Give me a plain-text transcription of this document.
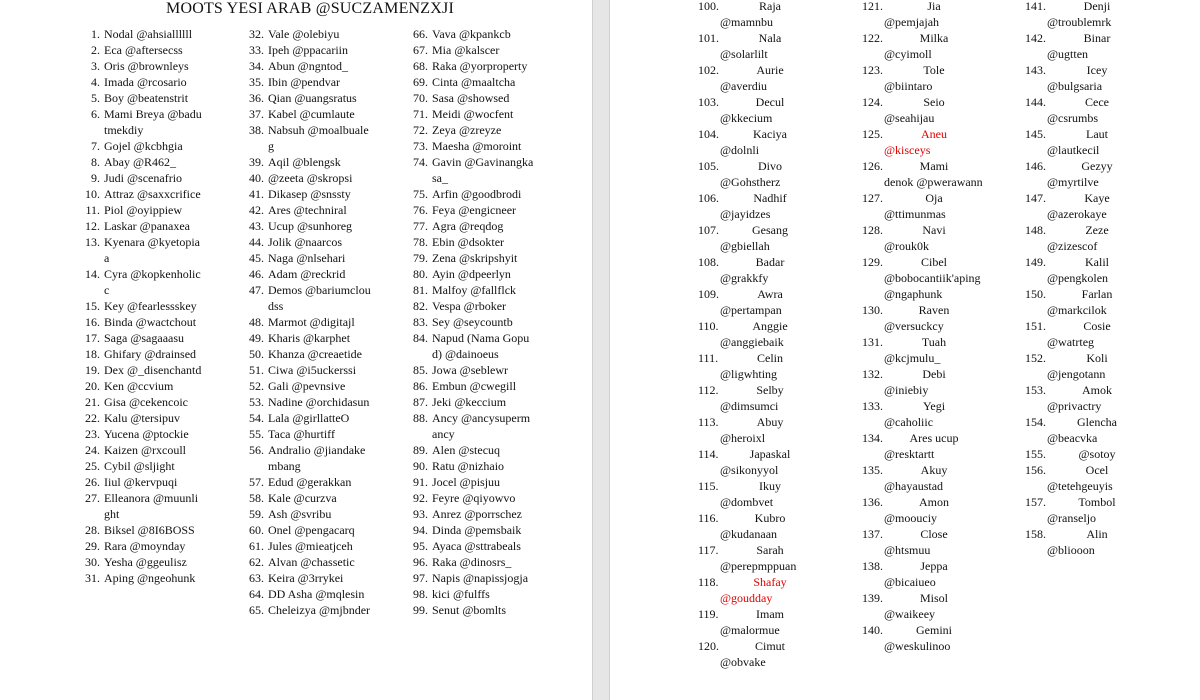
MOOTS YESI ARAB @SUCZAMENZXJI
1. Nodal @ahsiallllll
2. Eca @aftersecss
3. Oris @brownleys
4. Imada @rcosario
5. Boy @beatenstrit
6. Mami Breya @badutmekdiy
7. Gojel @kcbhgia
8. Abay @R462_
9. Judi @scenafrio
10. Attraz @saxxcrifice
11. Piol @oyippiew
12. Laskar @panaxea
13. Kyenara @kyetopiaa
14. Cyra @kopkenholicc
15. Key @fearlessskey
16. Binda @wactchout
17. Saga @sagaaasu
18. Ghifary @drainsed
19. Dex @_disenchantd
20. Ken @ccvium
21. Gisa @cekencoic
22. Kalu @tersipuv
23. Yucena @ptockie
24. Kaizen @rxcoull
25. Cybil @sljight
26. Iiul @kervpuqi
27. Elleanora @muunlight
28. Biksel @8I6BOSS
29. Rara @moynday
30. Yesha @ggeulisz
31. Aping @ngeohunk
32. Vale @olebiyu
33. Ipeh @ppacariin
34. Abun @ngntod_
35. Ibin @pendvar
36. Qian @uangsratus
37. Kabel @cumlaute
38. Nabsuh @moalbualeg
39. Aqil @blengsk
40. @zeeta @skropsi
41. Dikasep @snssty
42. Ares @techniral
43. Ucup @sunhoreg
44. Jolik @naarcos
45. Naga @nlsehari
46. Adam @reckrid
47. Demos @bariumcloudss
48. Marmot @digitajl
49. Kharis @karphet
50. Khanza @creaetide
51. Ciwa @i5uckerssi
52. Gali @pevnsive
53. Nadine @orchidasun
54. Lala @girllatteO
55. Taca @hurtiff
56. Andralio @jiandakembang
57. Edud @gerakkan
58. Kale @curzva
59. Ash @svribu
60. Onel @pengacarq
61. Jules @mieatjceh
62. Alvan @chassetic
63. Keira @3rrykei
64. DD Asha @mqlesin
65. Cheleizya @mjbnder
66. Vava @kpankcb
67. Mia @kalscer
68. Raka @yorproperty
69. Cinta @maaltcha
70. Sasa @showsed
71. Meidi @wocfent
72. Zeya @zreyze
73. Maesha @moroint
74. Gavin @Gavinangkasa_
75. Arfin @goodbrodi
76. Feya @engicneer
77. Agra @reqdog
78. Ebin @dsokter
79. Zena @skripshyit
80. Ayin @dpeerlyn
81. Malfoy @fallflck
82. Vespa @rboker
83. Sey @seycountb
84. Napud (Nama Gopud) @dainoeus
85. Jowa @seblewr
86. Embun @cwegill
87. Jeki @keccium
88. Ancy @ancysupermancy
89. Alen @stecuq
90. Ratu @nizhaio
91. Jocel @pisjuu
92. Feyre @qiyowvo
93. Anrez @porrschez
94. Dinda @pemsbaik
95. Ayaca @sttrabeals
96. Raka @dinosrs_
97. Napis @napissjogja
98. kici @fulffs
99. Senut @bomlts
100.	Raja
@mamnbu
101.	Nala
@solarlilt
102.	Aurie
@averdiu
103.	Decul
@kkecium
104.	Kaciya
@dolnli
105.	Divo
@Gohstherz
106.	Nadhif
@jayidzes
107.	Gesang
@gbiellah
108.	Badar
@grakkfy
109.	Awra
@pertampan
110.	Anggie
@anggiebaik
111.	Celin
@ligwhting
112.	Selby
@dimsumci
113.	Abuy
@heroixl
114.	Japaskal
@sikonyyol
115.	Ikuy
@dombvet
116.	Kubro
@kudanaan
117.	Sarah
@perepmppuan
118.	Shafay
@goudday
119.	Imam
@malormue
120.	Cimut
@obvake
121.	Jia
@pemjajah
122.	Milka
@cyimoll
123.	Tole
@biintaro
124.	Seio
@seahijau
125.	Aneu
@kisceys
126.	Mami
denok @pwerawann
127.	Oja
@ttimunmas
128.	Navi
@rouk0k
129.	Cibel
@bobocantiik'aping @ngaphunk
130.	Raven
@versuckcy
131.	Tuah
@kcjmulu_
132.	Debi
@iniebiy
133.	Yegi
@caholiic
134.	Ares ucup
@resktartt
135.	Akuy
@hayaustad
136.	Amon
@moouciy
137.	Close
@htsmuu
138.	Jeppa
@bicaiueo
139.	Misol
@waikeey
140.	Gemini
@weskulinoo
141.	Denji
@troublemrk
142.	Binar
@ugtten
143.	Icey
@bulgsaria
144.	Cece
@csrumbs
145.	Laut
@lautkecil
146.	Gezyy
@myrtilve
147.	Kaye
@azerokaye
148.	Zeze
@zizescof
149.	Kalil
@pengkolen
150.	Farlan
@markcilok
151.	Cosie
@watrteg
152.	Koli
@jengotann
153.	Amok
@privactry
154.	Glencha
@beacvka
155.	@sotoy
156.	Ocel
@tetehgeuyis
157.	Tombol
@ranseljo
158.	Alin
@bliooon
